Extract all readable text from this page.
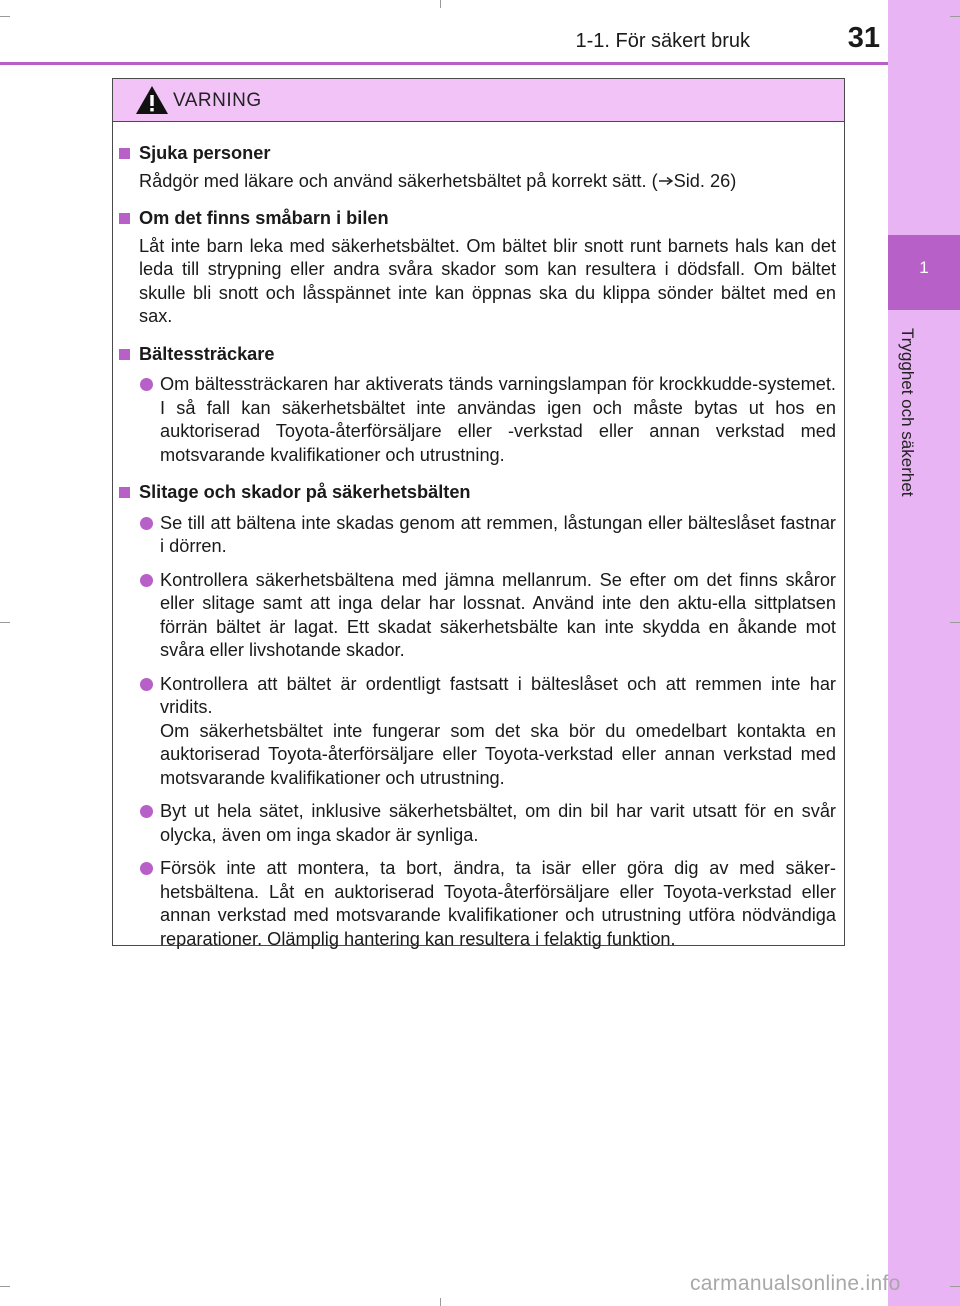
1-1. För säkert bruk	31
1
Trygghet och säkerhet
VARNING
Sjuka personer
Rådgör med läkare och använd säkerhetsbältet på korrekt sätt. ( Sid. 26)
Om det finns småbarn i bilen
Låt inte barn leka med säkerhetsbältet. Om bältet blir snott runt barnets hals kan det leda till strypning eller andra svåra skador som kan resultera i dödsfall. Om bältet skulle bli snott och låsspännet inte kan öppnas ska du klippa sönder bältet med en sax.
Bältessträckare
Om bältessträckaren har aktiverats tänds varningslampan för krockkudde-systemet. I så fall kan säkerhetsbältet inte användas igen och måste bytas ut hos en auktoriserad Toyota-återförsäljare eller -verkstad eller annan verkstad med motsvarande kvalifikationer och utrustning.
Slitage och skador på säkerhetsbälten
Se till att bältena inte skadas genom att remmen, låstungan eller bälteslåset fastnar i dörren.
Kontrollera säkerhetsbältena med jämna mellanrum. Se efter om det finns skåror eller slitage samt att inga delar har lossnat. Använd inte den aktu-ella sittplatsen förrän bältet är lagat. Ett skadat säkerhetsbälte kan inte skydda en åkande mot svåra eller livshotande skador.
Kontrollera att bältet är ordentligt fastsatt i bälteslåset och att remmen inte har vridits.
Om säkerhetsbältet inte fungerar som det ska bör du omedelbart kontakta en auktoriserad Toyota-återförsäljare eller Toyota-verkstad eller annan verkstad med motsvarande kvalifikationer och utrustning.
Byt ut hela sätet, inklusive säkerhetsbältet, om din bil har varit utsatt för en svår olycka, även om inga skador är synliga.
Försök inte att montera, ta bort, ändra, ta isär eller göra dig av med säker-hetsbältena. Låt en auktoriserad Toyota-återförsäljare eller Toyota-verkstad eller annan verkstad med motsvarande kvalifikationer och utrustning utföra nödvändiga reparationer. Olämplig hantering kan resultera i felaktig funktion.
carmanualsonline.info
